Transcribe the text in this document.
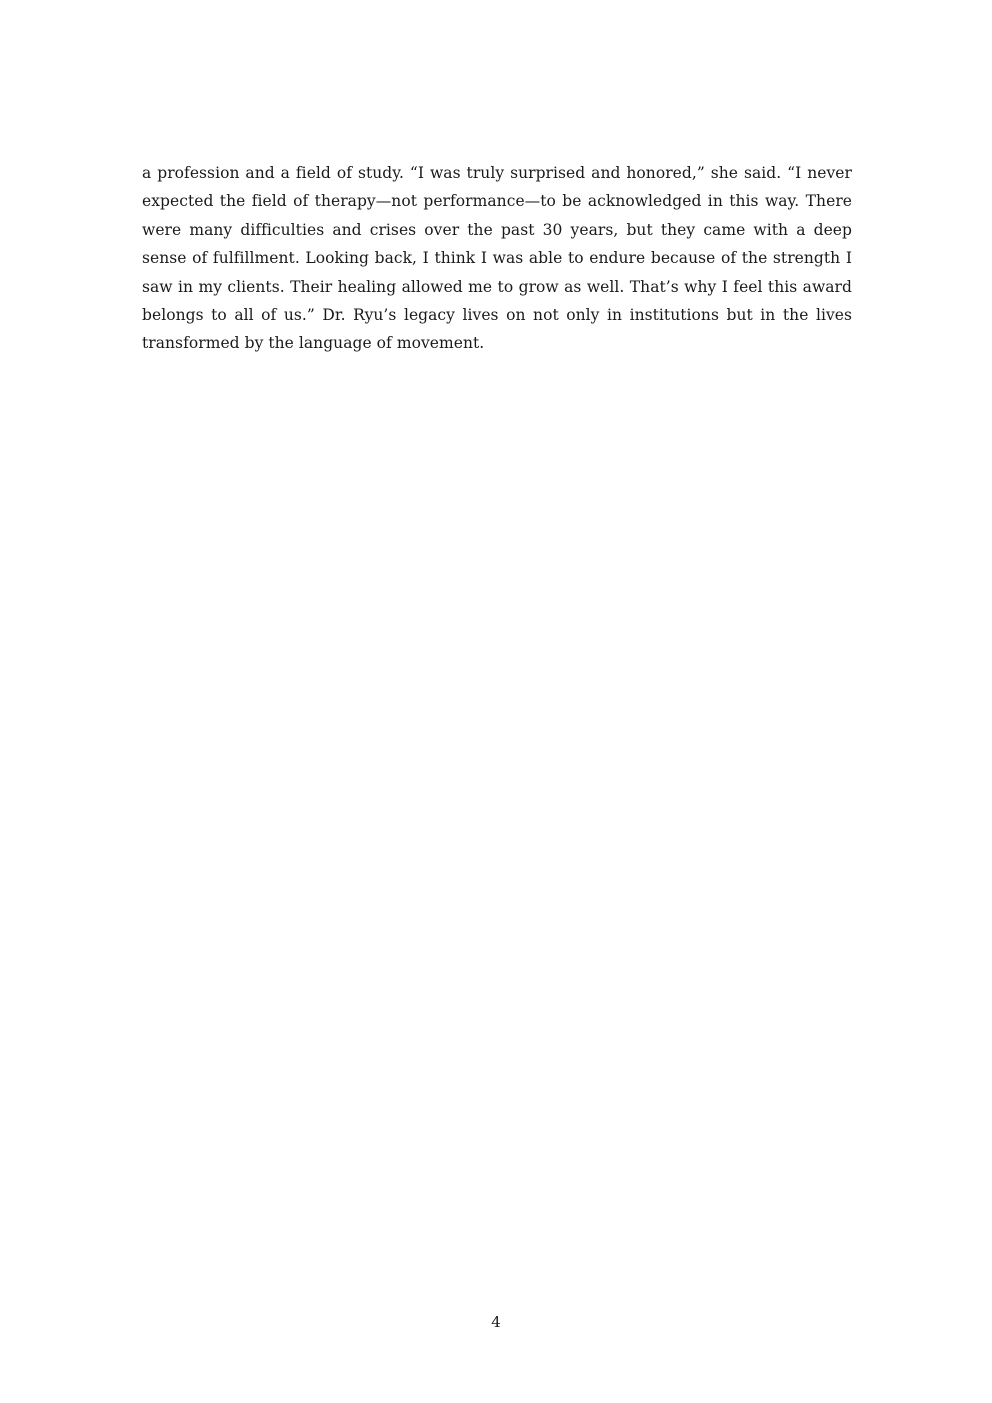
a profession and a field of study. “I was truly surprised and honored,” she said. “I never expected the field of therapy—not performance—to be acknowledged in this way. There were many difficulties and crises over the past 30 years, but they came with a deep sense of fulfillment. Looking back, I think I was able to endure because of the strength I saw in my clients. Their healing allowed me to grow as well. That’s why I feel this award belongs to all of us.” Dr. Ryu’s legacy lives on not only in institutions but in the lives transformed by the language of movement.

4
